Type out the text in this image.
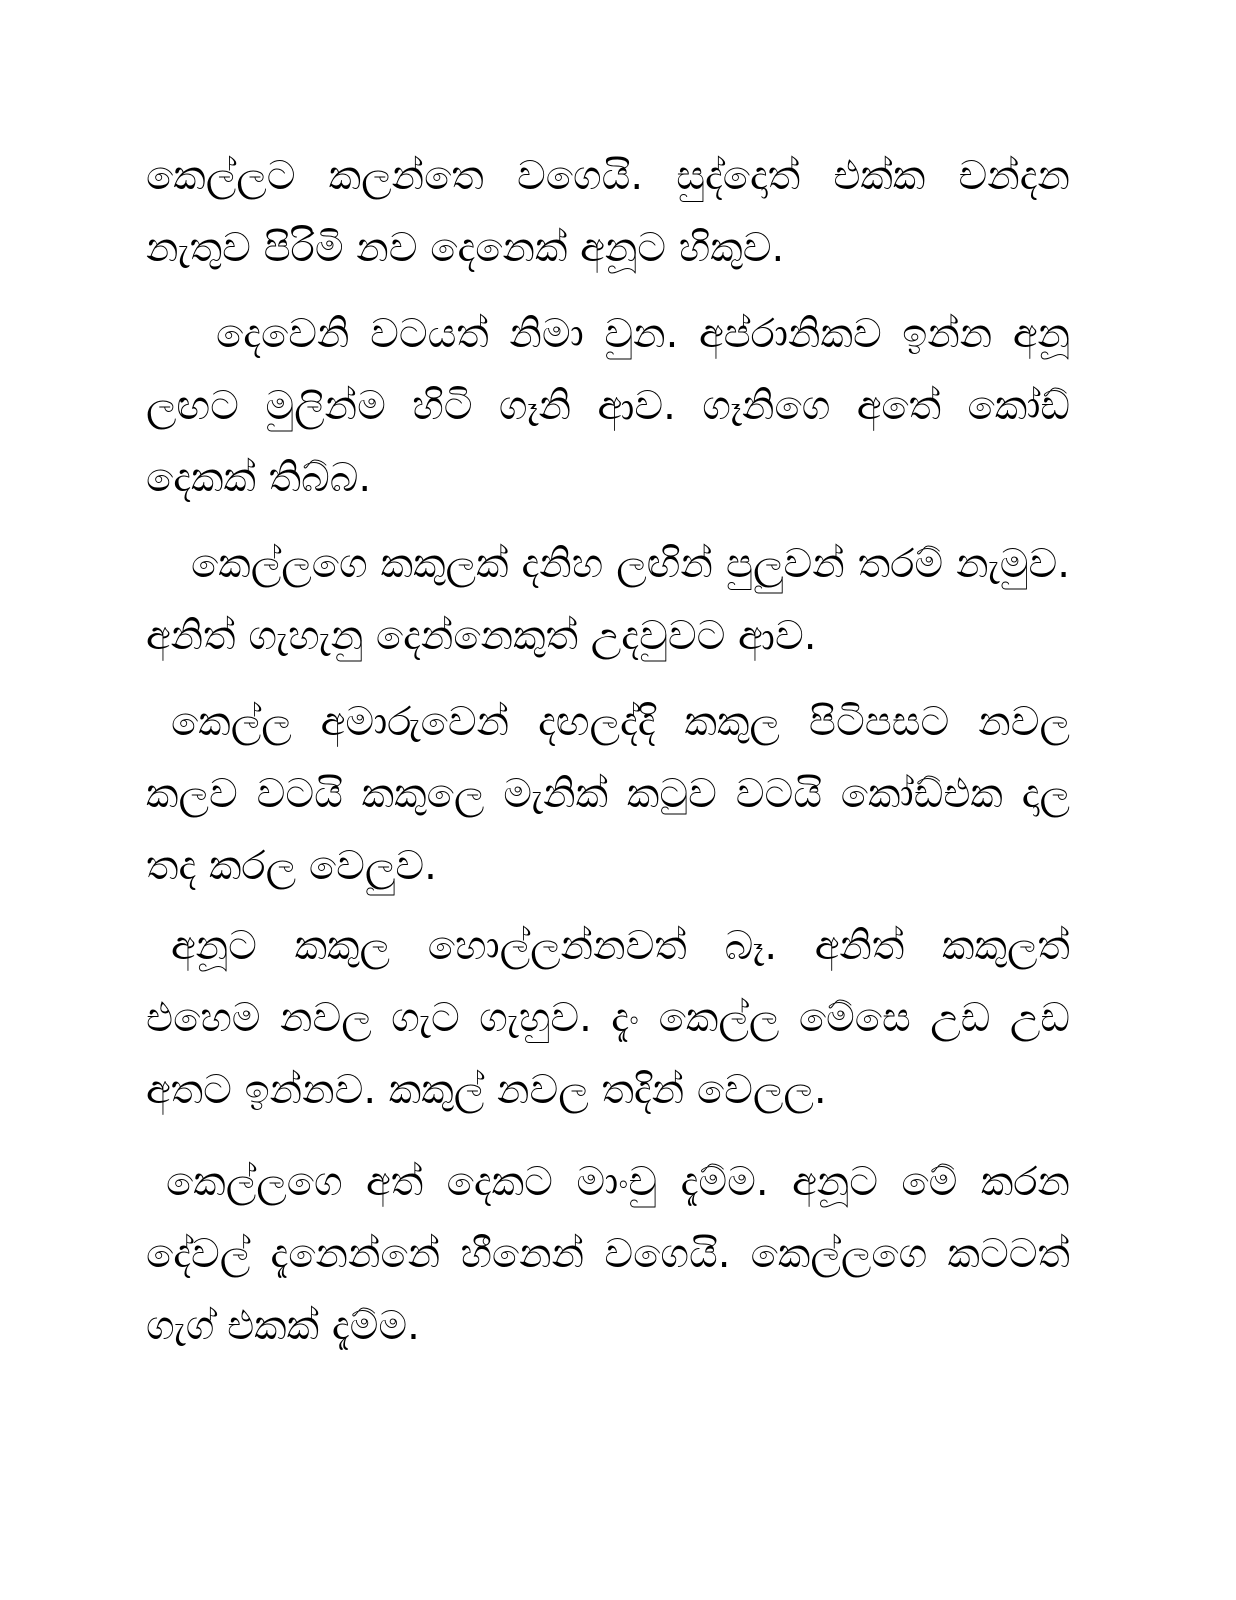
කෙල්ලට කලන්තෙ වගෙයි. සුද්දොත් එක්ක චන්දන නැතුව පිරිමි නව දෙනෙක් අනූට හිකුව.

දෙවෙනි වටයත් නිමා වුන. අප්රානිකව ඉන්න අනූ ලඟට මුලින්ම හිටි ගෑනි ආව. ගෑනිගෙ අතේ කෝඩ් දෙකක් තිබ්බ.

කෙල්ලගෙ කකුලක් දනිහ ලඟින් පුලුවන් තරම් නැමුව. අනිත් ගැහැනු දෙන්නෙකුත් උදවුවට ආව.

කෙල්ල අමාරුවෙන් දඟලද්දි කකුල පිටිපසට නවල කලව වටයි කකුලෙ මැනික් කටුව වටයි කෝඩ්එක දාල තද කරල වෙලුව.

අනූට කකුල හොල්ලන්නවත් බෑ. අනිත් කකුලත් එහෙම නවල ගැට ගැහුව. දැං කෙල්ල මේසෙ උඩ උඩ අතට ඉන්නව. කකුල් නවල තදින් වෙලල.

කෙල්ලගෙ අත් දෙකට මාංචු දැම්ම. අනූට මේ කරන දේවල් දැනෙන්නේ හීනෙන් වගෙයි. කෙල්ලගෙ කටටත් ගැග් එකක් දැම්ම.
